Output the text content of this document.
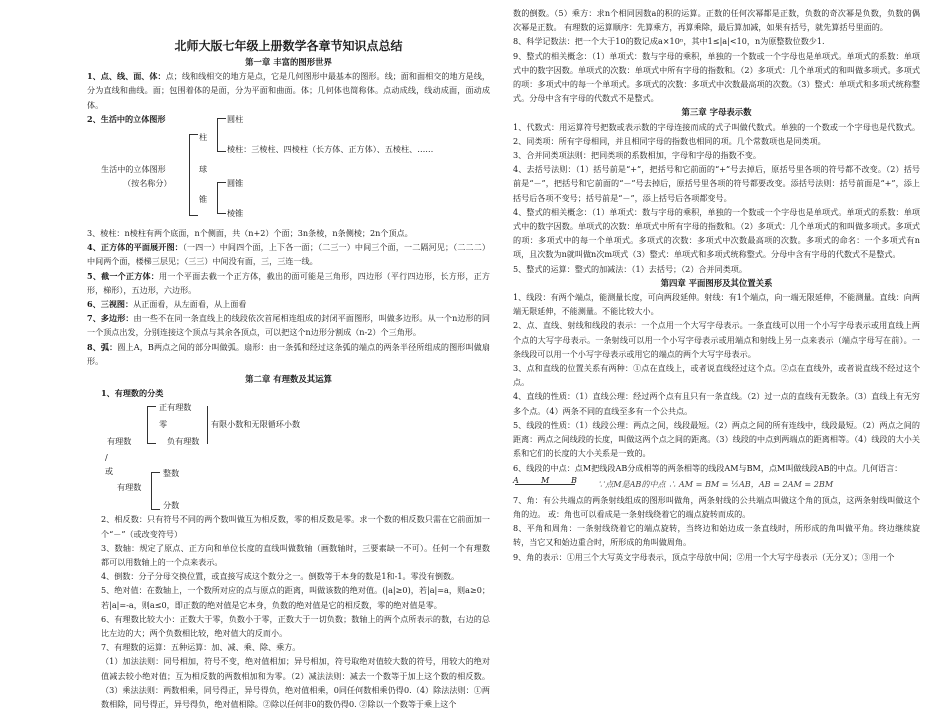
北师大版七年级上册数学各章节知识点总结
第一章 丰富的图形世界

1、点、线、面、体：点；线和线相交的地方是点，它是几何图形中最基本的图形。线；面和面相交的地方是线，分为直线和曲线。面；包围着体的是面，分为平面和曲面。体；几何体也简称体。点动成线，线动成面，面动成体。

2、生活中的立体图形

生活中的立体图形
（按名称分）
柱
球
锥
圆柱
棱柱：三棱柱、四棱柱（长方体、正方体）、五棱柱、……
圆锥
棱锥

3、棱柱：n棱柱有两个底面，n个侧面，共（n+2）个面；3n条棱，n条侧棱；2n个顶点。

4、正方体的平面展开图：（一四一）中间四个面，上下各一面；（二三一）中间三个面，一二隔河见；（二二二）中间两个面，楼梯三层见；（三三）中间没有面，三，三连一线。

5、截一个正方体：用一个平面去截一个正方体，截出的面可能是三角形，四边形（平行四边形，长方形，正方形，梯形），五边形，六边形。

6、三视图：从正面看，从左面看，从上面看

7、多边形：由一些不在同一条直线上的线段依次首尾相连组成的封闭平面图形，叫做多边形。从一个n边形的同一个顶点出发，分别连接这个顶点与其余各顶点，可以把这个n边形分割成（n-2）个三角形。

8、弧：圆上A，B两点之间的部分叫做弧。扇形：由一条弧和经过这条弧的端点的两条半径所组成的图形叫做扇形。

第二章 有理数及其运算

1、有理数的分类

有理数
正有理数
零
负有理数
有限小数和无限循环小数
/
或
有理数
整数
分数

2、相反数：只有符号不同的两个数叫做互为相反数，零的相反数是零。求一个数的相反数只需在它前面加一个“－”（或改变符号）

3、数轴：规定了原点、正方向和单位长度的直线叫做数轴（画数轴时，三要素缺一不可）。任何一个有理数都可以用数轴上的一个点来表示。

4、倒数：分子分母交换位置，或直接写成这个数分之一。倒数等于本身的数是1和-1。零没有倒数。

5、绝对值：在数轴上，一个数所对应的点与原点的距离，叫做该数的绝对值。(|a|≥0)，若|a|=a，则a≥0；若|a|=-a，则a≤0，即正数的绝对值是它本身，负数的绝对值是它的相反数，零的绝对值是零。

6、有理数比较大小：正数大于零，负数小于零，正数大于一切负数；数轴上的两个点所表示的数，右边的总比左边的大；两个负数相比较，绝对值大的反而小。

7、有理数的运算：五种运算：加、减、乘、除、乘方。

（1）加法法则：同号相加，符号不变，绝对值相加；异号相加，符号取绝对值较大数的符号，用较大的绝对值减去较小绝对值；互为相反数的两数相加和为零。（2）减法法则：减去一个数等于加上这个数的相反数。（3）乘法法则：两数相乘，同号得正，异号得负，绝对值相乘，0同任何数相乘仍得0.（4）除法法则：①两数相除，同号得正，异号得负，绝对值相除。②除以任何非0的数仍得0. ②除以一个数等于乘上这个

数的倒数。（5）乘方：求n个相同因数a的积的运算。正数的任何次幂都是正数，负数的奇次幂是负数，负数的偶次幂是正数。 有理数的运算顺序：先算乘方，再算乘除，最后算加减，如果有括号，就先算括号里面的。

8、科学记数法：把一个大于10的数记成a×10ⁿ，其中1≤|a|<10，n为原整数位数少1.

9、整式的相关概念：（1）单项式：数与字母的乘积，单独的一个数或一个字母也是单项式。单项式的系数：单项式中的数字因数。单项式的次数：单项式中所有字母的指数和。（2）多项式：几个单项式的和叫做多项式。多项式的项：多项式中的每一个单项式。多项式的次数：多项式中次数最高项的次数。（3）整式：单项式和多项式统称整式。分母中含有字母的代数式不是整式。

第三章 字母表示数

1、代数式：用运算符号把数或表示数的字母连接而成的式子叫做代数式。单独的一个数或一个字母也是代数式。2、同类项：所有字母相同，并且相同字母的指数也相同的项。几个常数项也是同类项。

3、合并同类项法则：把同类项的系数相加，字母和字母的指数不变。

4、去括号法则：（1）括号前是“+”，把括号和它前面的“+”号去掉后，原括号里各项的符号都不改变。（2）括号前是“－”，把括号和它前面的“－”号去掉后，原括号里各项的符号都要改变。添括号法则：括号前面是“+”，添上括号后各项不变号；括号前是“－”，添上括号后各项都变号。

4、整式的相关概念：（1）单项式：数与字母的乘积，单独的一个数或一个字母也是单项式。单项式的系数：单项式中的数字因数。单项式的次数：单项式中所有字母的指数和。（2）多项式：几个单项式的和叫做多项式。多项式的项：多项式中的每一个单项式。多项式的次数：多项式中次数最高项的次数。多项式的命名：一个多项式有n项，且次数为n就叫做n次m项式（3）整式：单项式和多项式统称整式。分母中含有字母的代数式不是整式。

5、整式的运算：整式的加减法：（1）去括号；（2）合并同类项。

第四章 平面图形及其位置关系

1、线段：有两个端点，能测量长度，可向两段延伸。射线：有1个端点，向一端无限延伸，不能测量。直线：向两端无限延伸，不能测量。不能比较大小。

2、点、直线、射线和线段的表示：一个点用一个大写字母表示。一条直线可以用一个小写字母表示或用直线上两个点的大写字母表示。一条射线可以用一个小写字母表示或用端点和射线上另一点来表示（端点字母写在前）。一条线段可以用一个小写字母表示或用它的端点的两个大写字母表示。

3、点和直线的位置关系有两种：①点在直线上，或者说直线经过这个点。②点在直线外，或者说直线不经过这个点。

4、直线的性质：（1）直线公理：经过两个点有且只有一条直线。（2）过一点的直线有无数条。（3）直线上有无穷多个点。（4）两条不同的直线至多有一个公共点。

5、线段的性质：（1）线段公理：两点之间，线段最短。（2）两点之间的所有连线中，线段最短。（2）两点之间的距离：两点之间线段的长度，叫做这两个点之间的距离。（3）线段的中点到两端点的距离相等。（4）线段的大小关系和它们的长度的大小关系是一致的。

6、线段的中点：点M把线段AB分成相等的两条相等的线段AM与BM，点M叫做线段AB的中点。几何语言：

A	M	B ∵点M是AB的中点 ∴ AM = BM = ½AB，AB = 2AM = 2BM

7、角：有公共端点的两条射线组成的图形叫做角，两条射线的公共端点叫做这个角的顶点，这两条射线叫做这个角的边。 或：角也可以看成是一条射线绕着它的端点旋转而成的。

8、平角和周角：一条射线绕着它的端点旋转，当终边和始边成一条直线时，所形成的角叫做平角。终边继续旋转，当它又和始边重合时，所形成的角叫做周角。

9、角的表示：①用三个大写英文字母表示，顶点字母放中间；②用一个大写字母表示（无分叉）；③用一个
